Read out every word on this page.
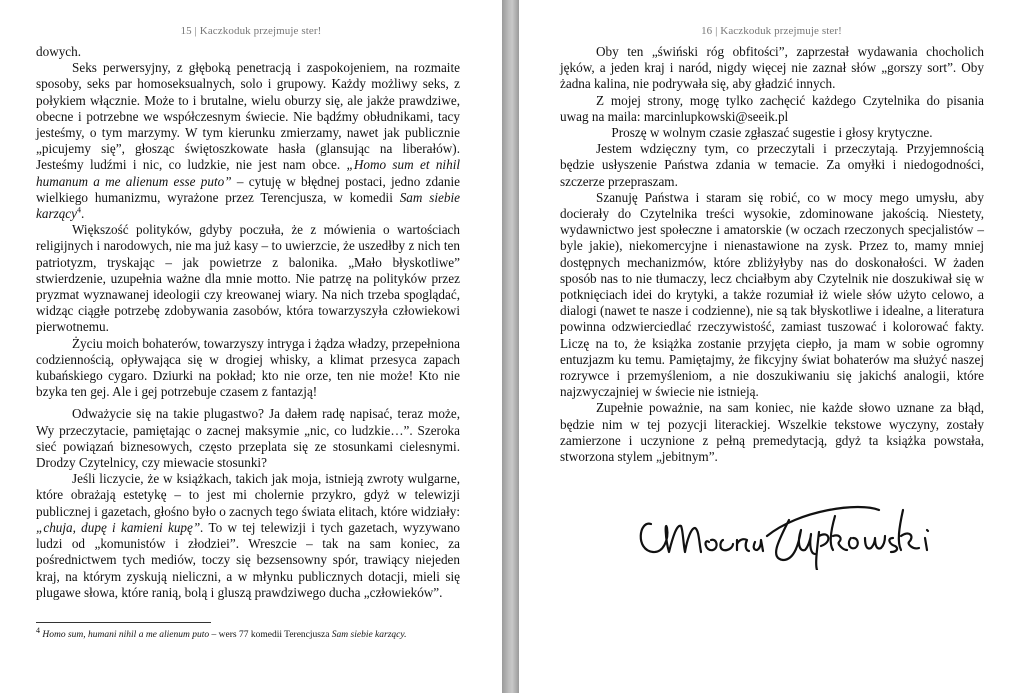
15 | Kaczkoduk przejmuje ster!

dowych.

Seks perwersyjny, z głęboką penetracją i zaspokojeniem, na rozmaite sposoby, seks par homoseksualnych, solo i grupowy. Każdy możliwy seks, z połykiem włącznie. Może to i brutalne, wielu oburzy się, ale jakże prawdziwe, obecne i potrzebne we współczesnym świecie. Nie bądźmy obłudnikami, tacy jesteśmy, o tym marzymy. W tym kierunku zmierzamy, nawet jak publicznie „picujemy się”, głosząc świętoszkowate hasła (glansując na liberałów). Jesteśmy ludźmi i nic, co ludzkie, nie jest nam obce. „Homo sum et nihil humanum a me alienum esse puto” – cytuję w błędnej postaci, jedno zdanie wielkiego humanizmu, wyrażone przez Terencjusza, w komedii Sam siebie karzący$^4$.

Większość polityków, gdyby poczuła, że z mówienia o wartościach religijnych i narodowych, nie ma już kasy – to uwierzcie, że uszedłby z nich ten patriotyzm, tryskając – jak powietrze z balonika. „Mało błyskotliwe” stwierdzenie, uzupełnia ważne dla mnie motto. Nie patrzę na polityków przez pryzmat wyznawanej ideologii czy kreowanej wiary. Na nich trzeba spoglądać, widząc ciągłe potrzebę zdobywania zasobów, która towarzyszyła człowiekowi pierwotnemu.

Życiu moich bohaterów, towarzyszy intryga i żądza władzy, przepełniona codziennością, opływająca się w drogiej whisky, a klimat przesyca zapach kubańskiego cygaro. Dziurki na pokład; kto nie orze, ten nie może! Kto nie bzyka ten gej. Ale i gej potrzebuje czasem z fantazją!

Odważycie się na takie plugastwo? Ja dałem radę napisać, teraz może, Wy przeczytacie, pamiętając o zacnej maksymie „nic, co ludzkie…”. Szeroka sieć powiązań biznesowych, często przeplata się ze stosunkami cielesnymi. Drodzy Czytelnicy, czy miewacie stosunki?

Jeśli liczycie, że w książkach, takich jak moja, istnieją zwroty wulgarne, które obrażają estetykę – to jest mi cholernie przykro, gdyż w telewizji publicznej i gazetach, głośno było o zacnych tego świata elitach, które widziały: „chuja, dupę i kamieni kupę”. To w tej telewizji i tych gazetach, wyzywano ludzi od „komunistów i złodziei”. Wreszcie – tak na sam koniec, za pośrednictwem tych mediów, toczy się bezsensowny spór, trawiący niejeden kraj, na którym zyskują nieliczni, a w młynku publicznych dotacji, mieli się plugawe słowa, które ranią, bolą i gluszą prawdziwego ducha „człowieków”.

$^4$ Homo sum, humani nihil a me alienum puto – wers 77 komedii Terencjusza Sam siebie karzący.
16 | Kaczkoduk przejmuje ster!

Oby ten „świński róg obfitości”, zaprzestał wydawania chocholich jęków, a jeden kraj i naród, nigdy więcej nie zaznał słów „gorszy sort”. Oby żadna kalina, nie podrywała się, aby gładzić innych.

Z mojej strony, mogę tylko zachęcić każdego Czytelnika do pisania uwag na maila: marcinlupkowski@seeik.pl

Proszę w wolnym czasie zgłaszać sugestie i głosy krytyczne.

Jestem wdzięczny tym, co przeczytali i przeczytają. Przyjemnością będzie usłyszenie Państwa zdania w temacie. Za omyłki i niedogodności, szczerze przepraszam.

Szanuję Państwa i staram się robić, co w mocy mego umysłu, aby docierały do Czytelnika treści wysokie, zdominowane jakością. Niestety, wydawnictwo jest społeczne i amatorskie (w oczach rzeczonych specjalistów – byle jakie), niekomercyjne i nienastawione na zysk. Przez to, mamy mniej dostępnych mechanizmów, które zbliżyłyby nas do doskonałości. W żaden sposób nas to nie tłumaczy, lecz chciałbym aby Czytelnik nie doszukiwał się w potknięciach idei do krytyki, a także rozumiał iż wiele słów użyto celowo, a dialogi (nawet te nasze i codzienne), nie są tak błyskotliwe i idealne, a literatura powinna odzwierciedlać rzeczywistość, zamiast tuszować i kolorować fakty. Liczę na to, że książka zostanie przyjęta ciepło, ja mam w sobie ogromny entuzjazm ku temu. Pamiętajmy, że fikcyjny świat bohaterów ma służyć naszej rozrywce i przemyśleniom, a nie doszukiwaniu się jakichś analogii, które najzwyczajniej w świecie nie istnieją.

Zupełnie poważnie, na sam koniec, nie każde słowo uznane za błąd, będzie nim w tej pozycji literackiej. Wszelkie tekstowe wyczyny, zostały zamierzone i uczynione z pełną premedytacją, gdyż ta książka powstała, stworzona stylem „jebitnym”.
